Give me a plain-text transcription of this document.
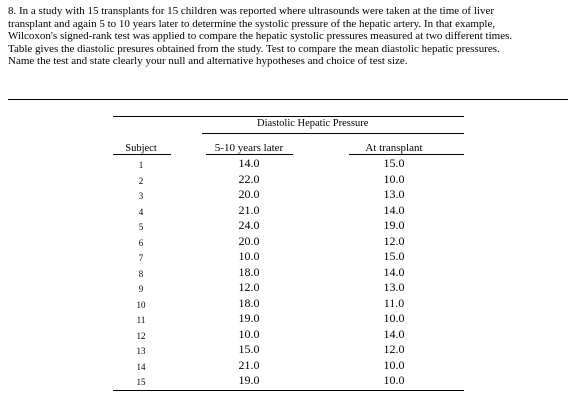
8. In a study with 15 transplants for 15 children was reported where ultrasounds were taken at the time of liver
transplant and again 5 to 10 years later to determine the systolic pressure of the hepatic artery. In that example,
Wilcoxon's signed-rank test was applied to compare the hepatic systolic pressures measured at two different times.
Table gives the diastolic presures obtained from the study. Test to compare the mean diastolic hepatic pressures.
Name the test and state clearly your null and alternative hypotheses and choice of test size.
Diastolic Hepatic Pressure
Subject	5-10 years later	At transplant
1	14.0	15.0
2	22.0	10.0
3	20.0	13.0
4	21.0	14.0
5	24.0	19.0
6	20.0	12.0
7	10.0	15.0
8	18.0	14.0
9	12.0	13.0
10	18.0	11.0
11	19.0	10.0
12	10.0	14.0
13	15.0	12.0
14	21.0	10.0
15	19.0	10.0
